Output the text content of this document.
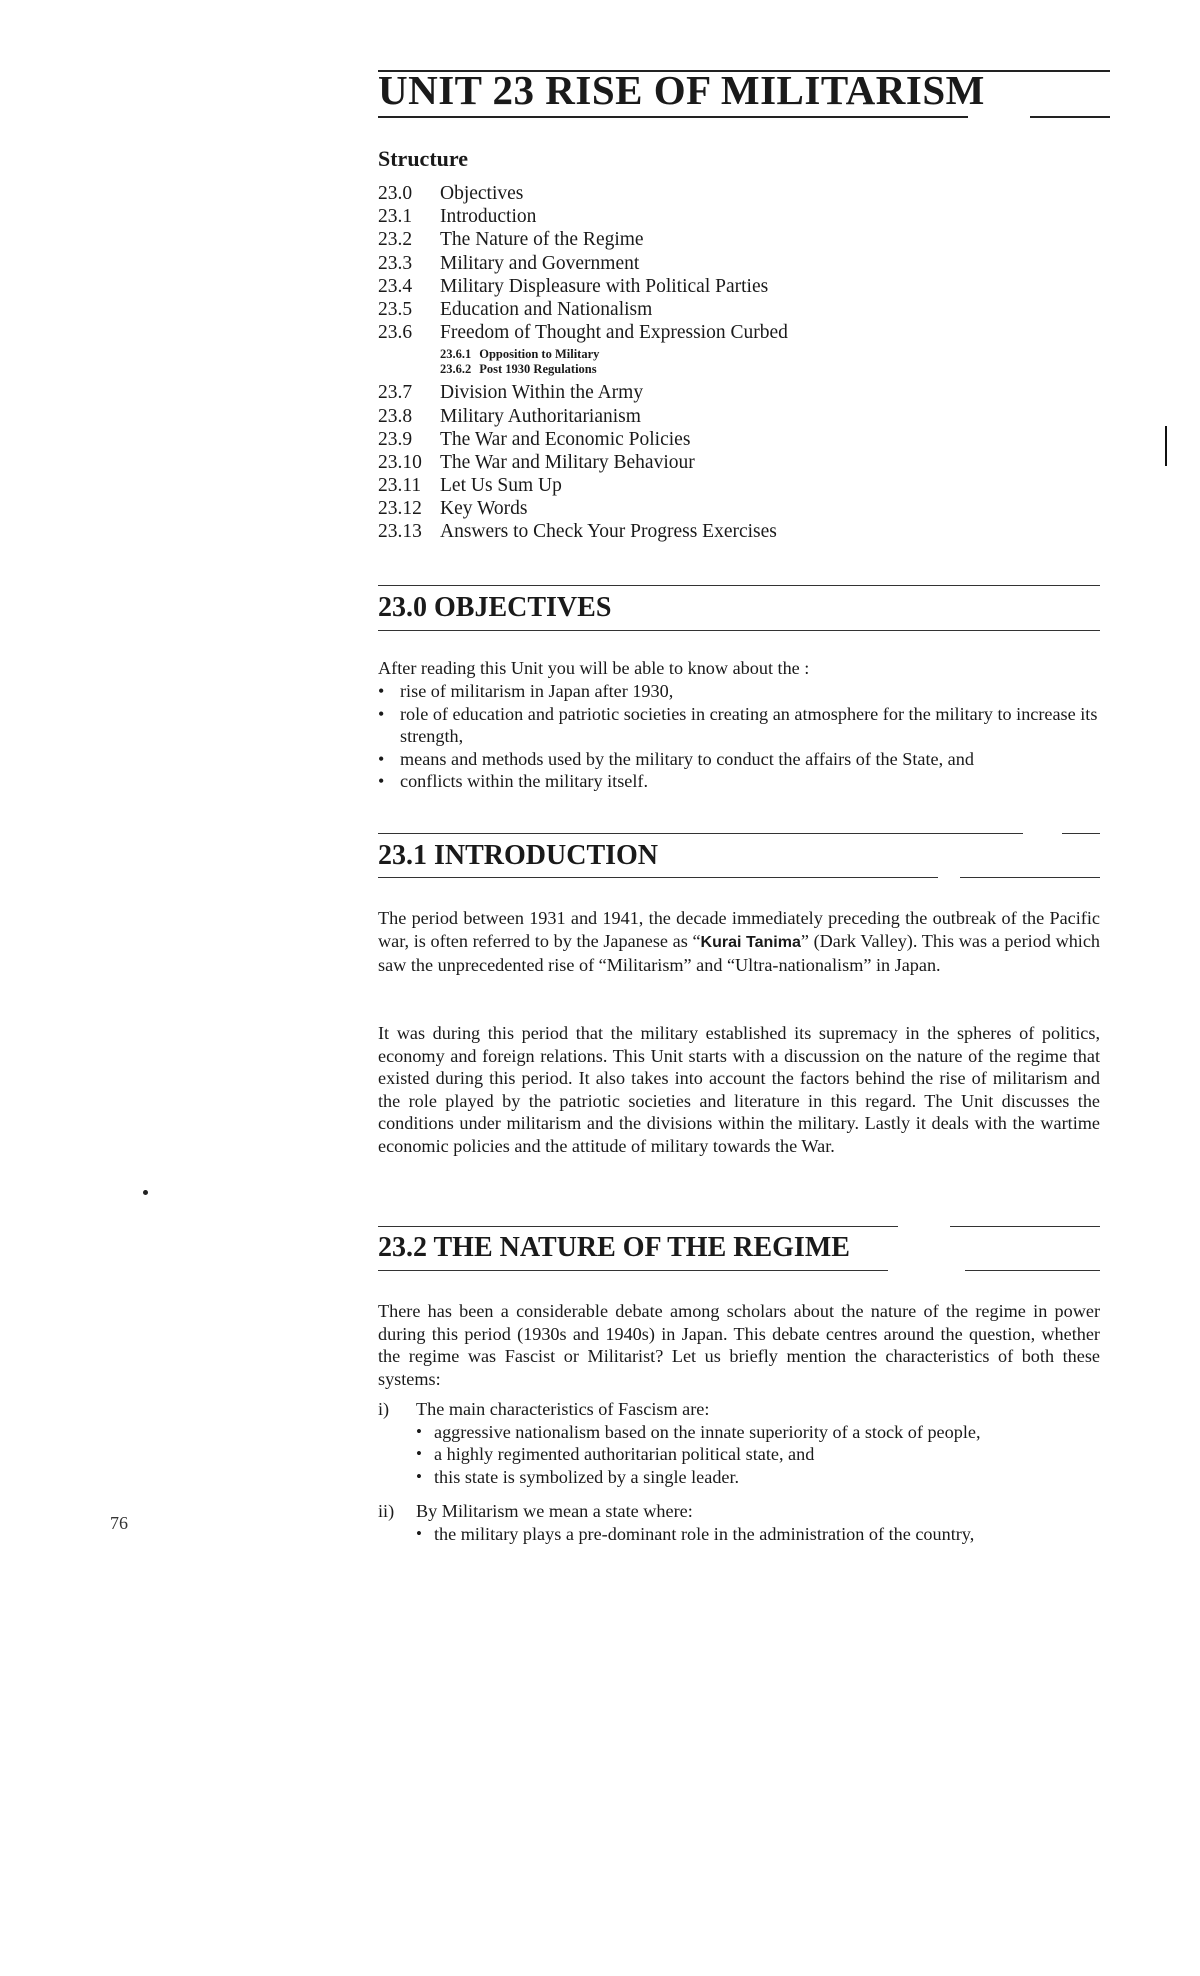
UNIT 23 RISE OF MILITARISM
Structure
23.0	Objectives
23.1	Introduction
23.2	The Nature of the Regime
23.3	Military and Government
23.4	Military Displeasure with Political Parties
23.5	Education and Nationalism
23.6	Freedom of Thought and Expression Curbed
23.6.1 Opposition to Military
23.6.2 Post 1930 Regulations
23.7	Division Within the Army
23.8	Military Authoritarianism
23.9	The War and Economic Policies
23.10 The War and Military Behaviour
23.11 Let Us Sum Up
23.12 Key Words
23.13 Answers to Check Your Progress Exercises
23.0 OBJECTIVES
After reading this Unit you will be able to know about the :
• rise of militarism in Japan after 1930,
• role of education and patriotic societies in creating an atmosphere for the military to increase its strength,
• means and methods used by the military to conduct the affairs of the State, and
• conflicts within the military itself.
23.1 INTRODUCTION
The period between 1931 and 1941, the decade immediately preceding the outbreak of the Pacific war, is often referred to by the Japanese as “Kurai Tanima” (Dark Valley). This was a period which saw the unprecedented rise of “Militarism” and “Ultra-nationalism” in Japan.
It was during this period that the military established its supremacy in the spheres of politics, economy and foreign relations. This Unit starts with a discussion on the nature of the regime that existed during this period. It also takes into account the factors behind the rise of militarism and the role played by the patriotic societies and literature in this regard. The Unit discusses the conditions under militarism and the divisions within the military. Lastly it deals with the wartime economic policies and the attitude of military towards the War.
23.2 THE NATURE OF THE REGIME
There has been a considerable debate among scholars about the nature of the regime in power during this period (1930s and 1940s) in Japan. This debate centres around the question, whether the regime was Fascist or Militarist? Let us briefly mention the characteristics of both these systems:
i)	The main characteristics of Fascism are:
• aggressive nationalism based on the innate superiority of a stock of people,
• a highly regimented authoritarian political state, and
• this state is symbolized by a single leader.
ii)	By Militarism we mean a state where:
• the military plays a pre-dominant role in the administration of the country,
76
